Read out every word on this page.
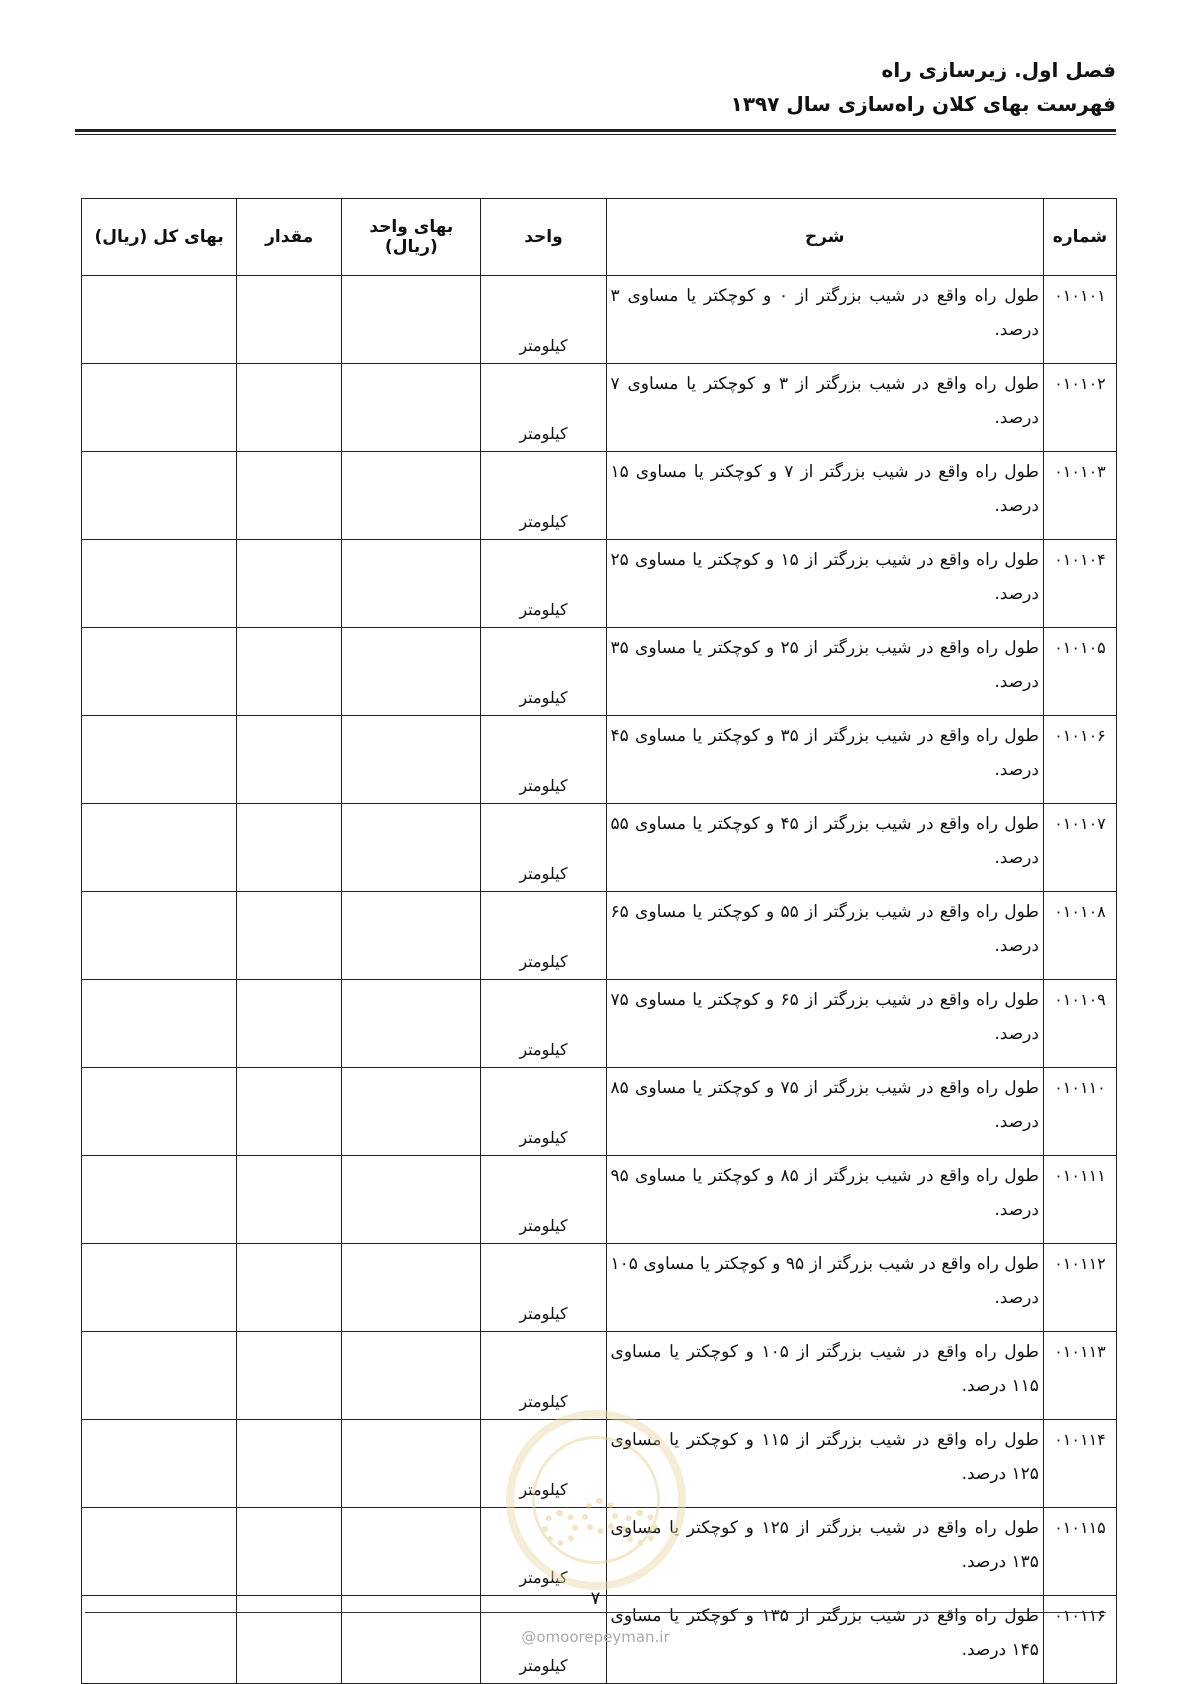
فصل اول. زیرسازی راه
فهرست بهای کلان راه‌سازی سال ۱۳۹۷
شماره	شرح	واحد	بهای واحد (ریال)	مقدار	بهای کل (ریال)
۰۱۰۱۰۱	طول راه واقع در شیب بزرگتر از ۰ و کوچکتر یا مساوی ۳ درصد.	کیلومتر			
۰۱۰۱۰۲	طول راه واقع در شیب بزرگتر از ۳ و کوچکتر یا مساوی ۷ درصد.	کیلومتر			
۰۱۰۱۰۳	طول راه واقع در شیب بزرگتر از ۷ و کوچکتر یا مساوی ۱۵ درصد.	کیلومتر			
۰۱۰۱۰۴	طول راه واقع در شیب بزرگتر از ۱۵ و کوچکتر یا مساوی ۲۵ درصد.	کیلومتر			
۰۱۰۱۰۵	طول راه واقع در شیب بزرگتر از ۲۵ و کوچکتر یا مساوی ۳۵ درصد.	کیلومتر			
۰۱۰۱۰۶	طول راه واقع در شیب بزرگتر از ۳۵ و کوچکتر یا مساوی ۴۵ درصد.	کیلومتر			
۰۱۰۱۰۷	طول راه واقع در شیب بزرگتر از ۴۵ و کوچکتر یا مساوی ۵۵ درصد.	کیلومتر			
۰۱۰۱۰۸	طول راه واقع در شیب بزرگتر از ۵۵ و کوچکتر یا مساوی ۶۵ درصد.	کیلومتر			
۰۱۰۱۰۹	طول راه واقع در شیب بزرگتر از ۶۵ و کوچکتر یا مساوی ۷۵ درصد.	کیلومتر			
۰۱۰۱۱۰	طول راه واقع در شیب بزرگتر از ۷۵ و کوچکتر یا مساوی ۸۵ درصد.	کیلومتر			
۰۱۰۱۱۱	طول راه واقع در شیب بزرگتر از ۸۵ و کوچکتر یا مساوی ۹۵ درصد.	کیلومتر			
۰۱۰۱۱۲	طول راه واقع در شیب بزرگتر از ۹۵ و کوچکتر یا مساوی ۱۰۵ درصد.	کیلومتر			
۰۱۰۱۱۳	طول راه واقع در شیب بزرگتر از ۱۰۵ و کوچکتر یا مساوی ۱۱۵ درصد.	کیلومتر			
۰۱۰۱۱۴	طول راه واقع در شیب بزرگتر از ۱۱۵ و کوچکتر یا مساوی ۱۲۵ درصد.	کیلومتر			
۰۱۰۱۱۵	طول راه واقع در شیب بزرگتر از ۱۲۵ و کوچکتر یا مساوی ۱۳۵ درصد.	کیلومتر			
۰۱۰۱۱۶	طول راه واقع در شیب بزرگتر از ۱۳۵ و کوچکتر یا مساوی ۱۴۵ درصد.	کیلومتر			
۷
@omoorepeyman.ir
